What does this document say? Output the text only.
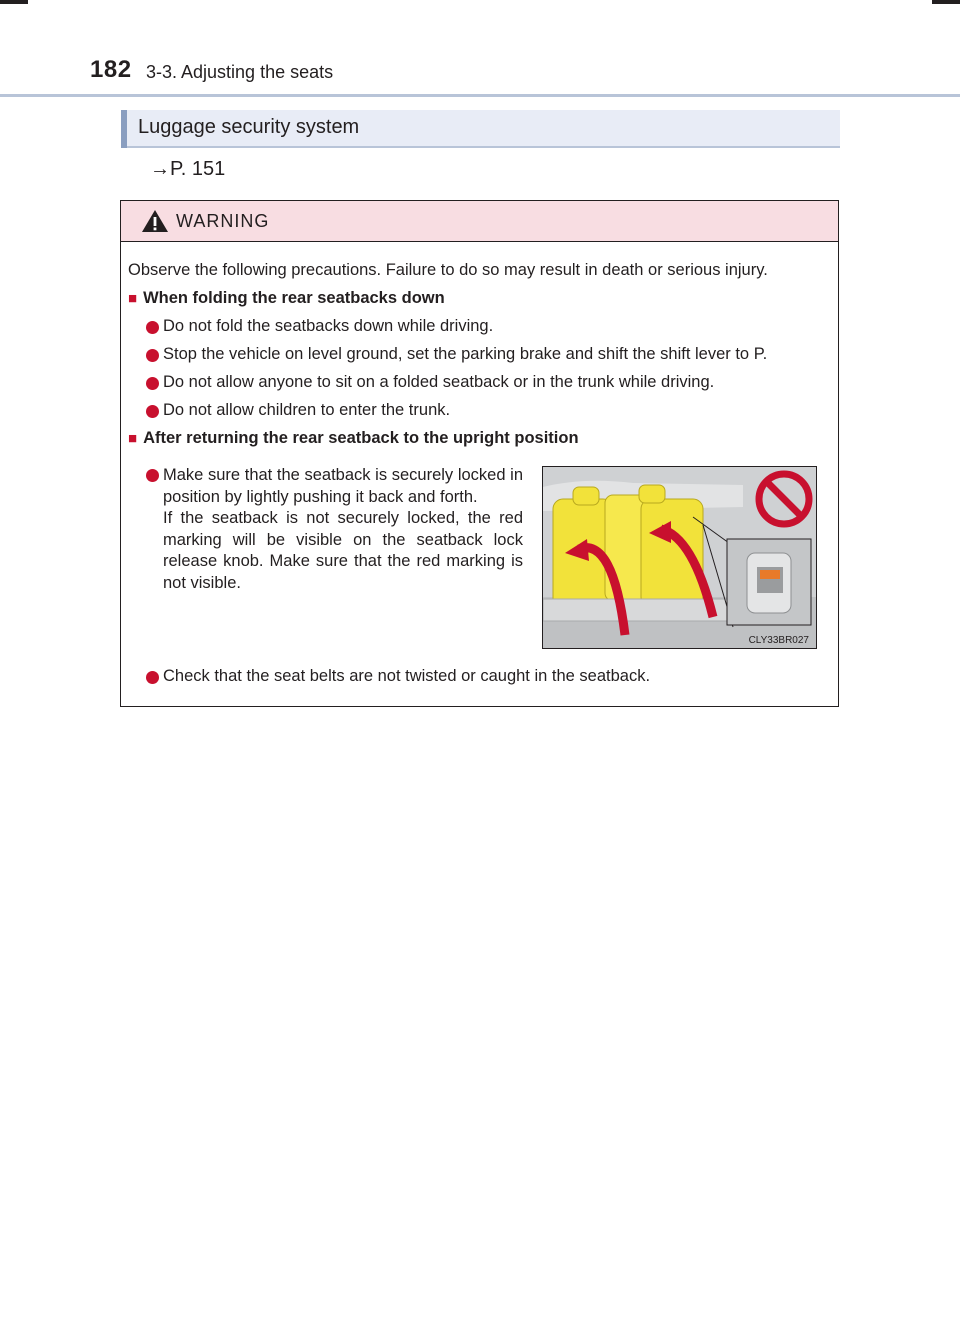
182 3-3. Adjusting the seats
Luggage security system
→P. 151
WARNING
Observe the following precautions. Failure to do so may result in death or serious injury.
■ When folding the rear seatbacks down
Do not fold the seatbacks down while driving.
Stop the vehicle on level ground, set the parking brake and shift the shift lever to P.
Do not allow anyone to sit on a folded seatback or in the trunk while driving.
Do not allow children to enter the trunk.
■ After returning the rear seatback to the upright position
Make sure that the seatback is securely locked in position by lightly pushing it back and forth.
If the seatback is not securely locked, the red marking will be visible on the seatback lock release knob. Make sure that the red marking is not visible.
CLY33BR027
Check that the seat belts are not twisted or caught in the seatback.
